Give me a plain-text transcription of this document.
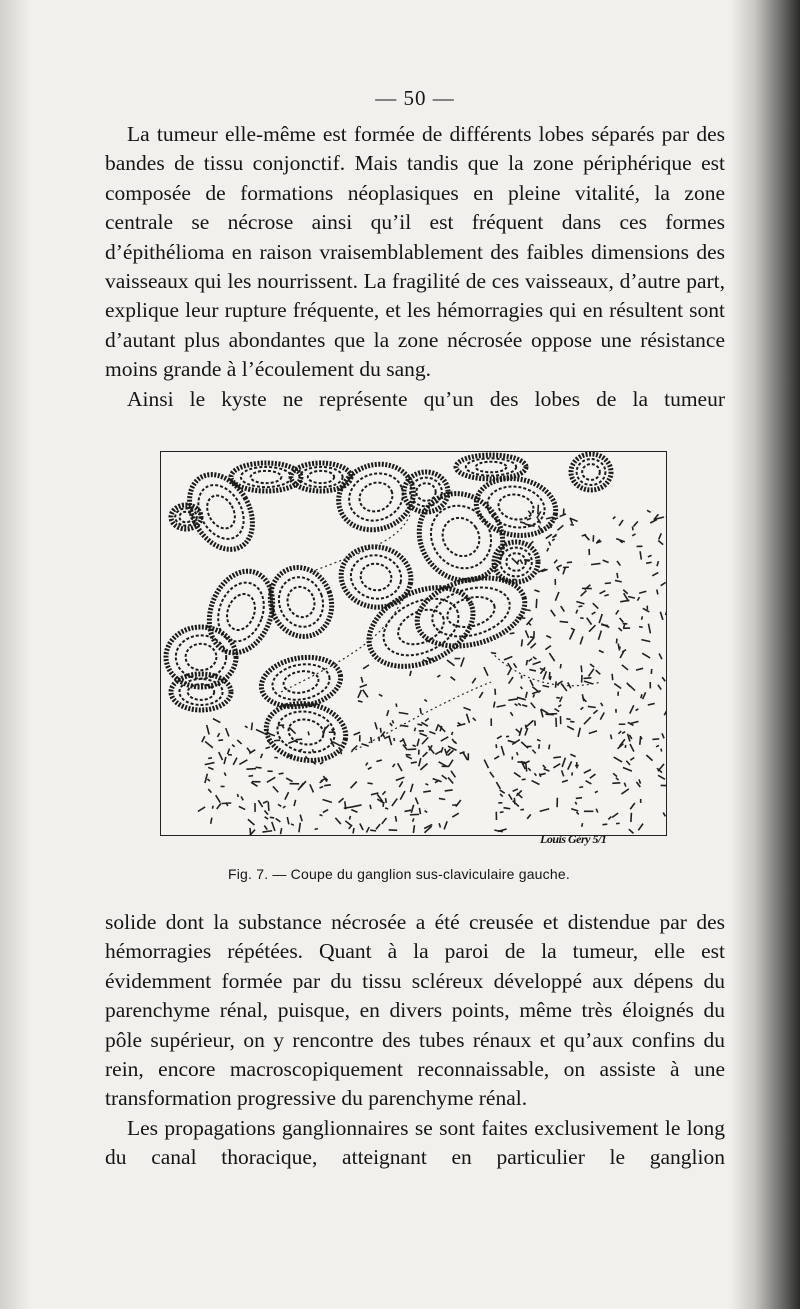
— 50 —

La tumeur elle-même est formée de différents lobes séparés par des bandes de tissu conjonctif. Mais tandis que la zone périphérique est composée de formations néoplasiques en pleine vitalité, la zone centrale se nécrose ainsi qu’il est fréquent dans ces formes d’épithélioma en raison vraisemblablement des faibles dimensions des vaisseaux qui les nourrissent. La fragilité de ces vaisseaux, d’autre part, explique leur rupture fréquente, et les hémorragies qui en résultent sont d’autant plus abondantes que la zone nécrosée oppose une résistance moins grande à l’écoulement du sang.

Ainsi le kyste ne représente qu’un des lobes de la tumeur

Louis Géry 5/1
Fig. 7. — Coupe du ganglion sus-claviculaire gauche.

solide dont la substance nécrosée a été creusée et distendue par des hémorragies répétées. Quant à la paroi de la tumeur, elle est évidemment formée par du tissu scléreux développé aux dépens du parenchyme rénal, puisque, en divers points, même très éloignés du pôle supérieur, on y rencontre des tubes rénaux et qu’aux confins du rein, encore macroscopiquement reconnaissable, on assiste à une transformation progressive du parenchyme rénal.

Les propagations ganglionnaires se sont faites exclusivement le long du canal thoracique, atteignant en particulier le ganglion
